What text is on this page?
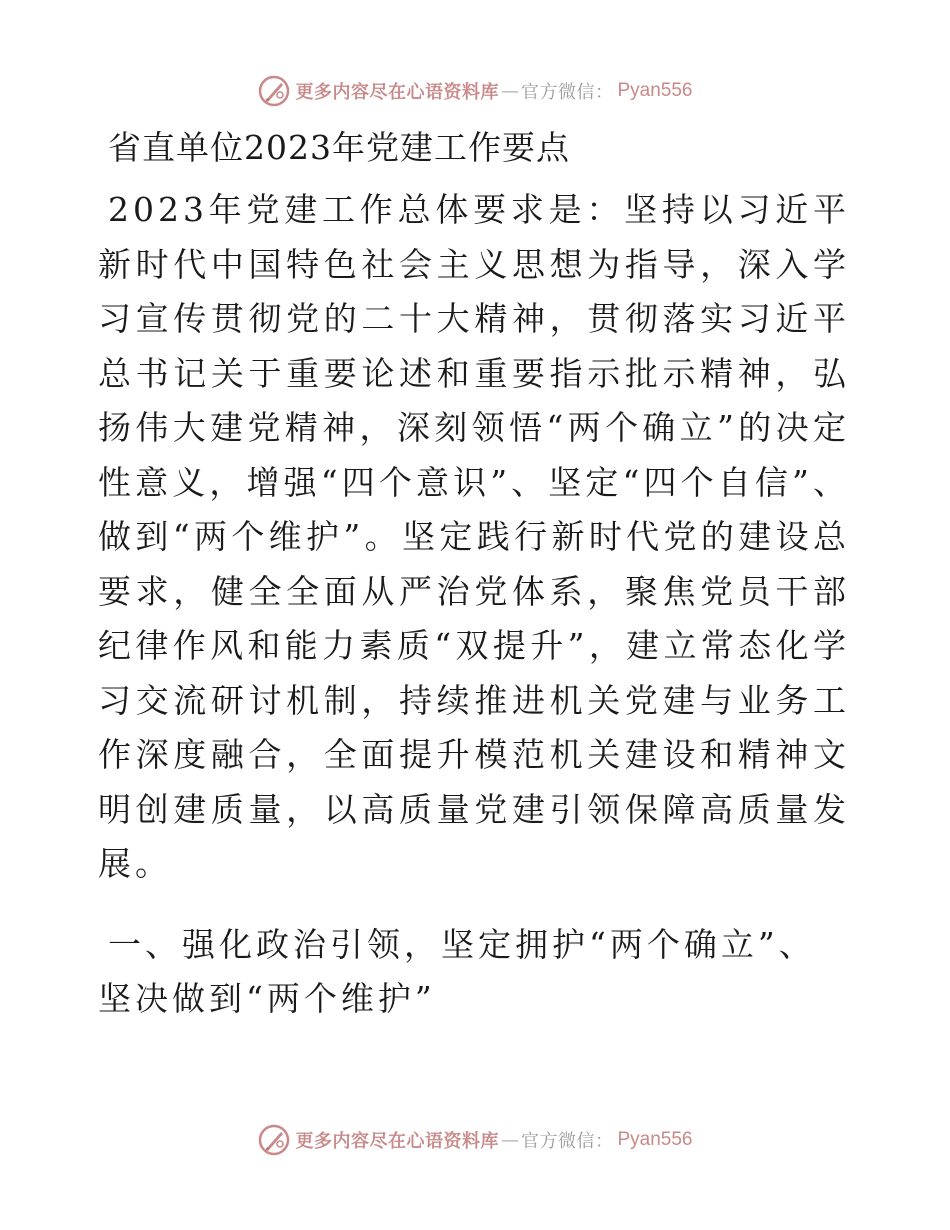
更多内容尽在心语资料库 — 官方微信： Pyan556
省直单位2023年党建工作要点

2023年党建工作总体要求是：坚持以习近平新时代中国特色社会主义思想为指导，深入学习宣传贯彻党的二十大精神，贯彻落实习近平总书记关于重要论述和重要指示批示精神，弘扬伟大建党精神，深刻领悟“两个确立”的决定性意义，增强“四个意识”、坚定“四个自信”、做到“两个维护”。坚定践行新时代党的建设总要求，健全全面从严治党体系，聚焦党员干部纪律作风和能力素质“双提升”，建立常态化学习交流研讨机制，持续推进机关党建与业务工作深度融合，全面提升模范机关建设和精神文明创建质量，以高质量党建引领保障高质量发展。

一、强化政治引领，坚定拥护“两个确立”、坚决做到“两个维护”

更多内容尽在心语资料库 — 官方微信： Pyan556
